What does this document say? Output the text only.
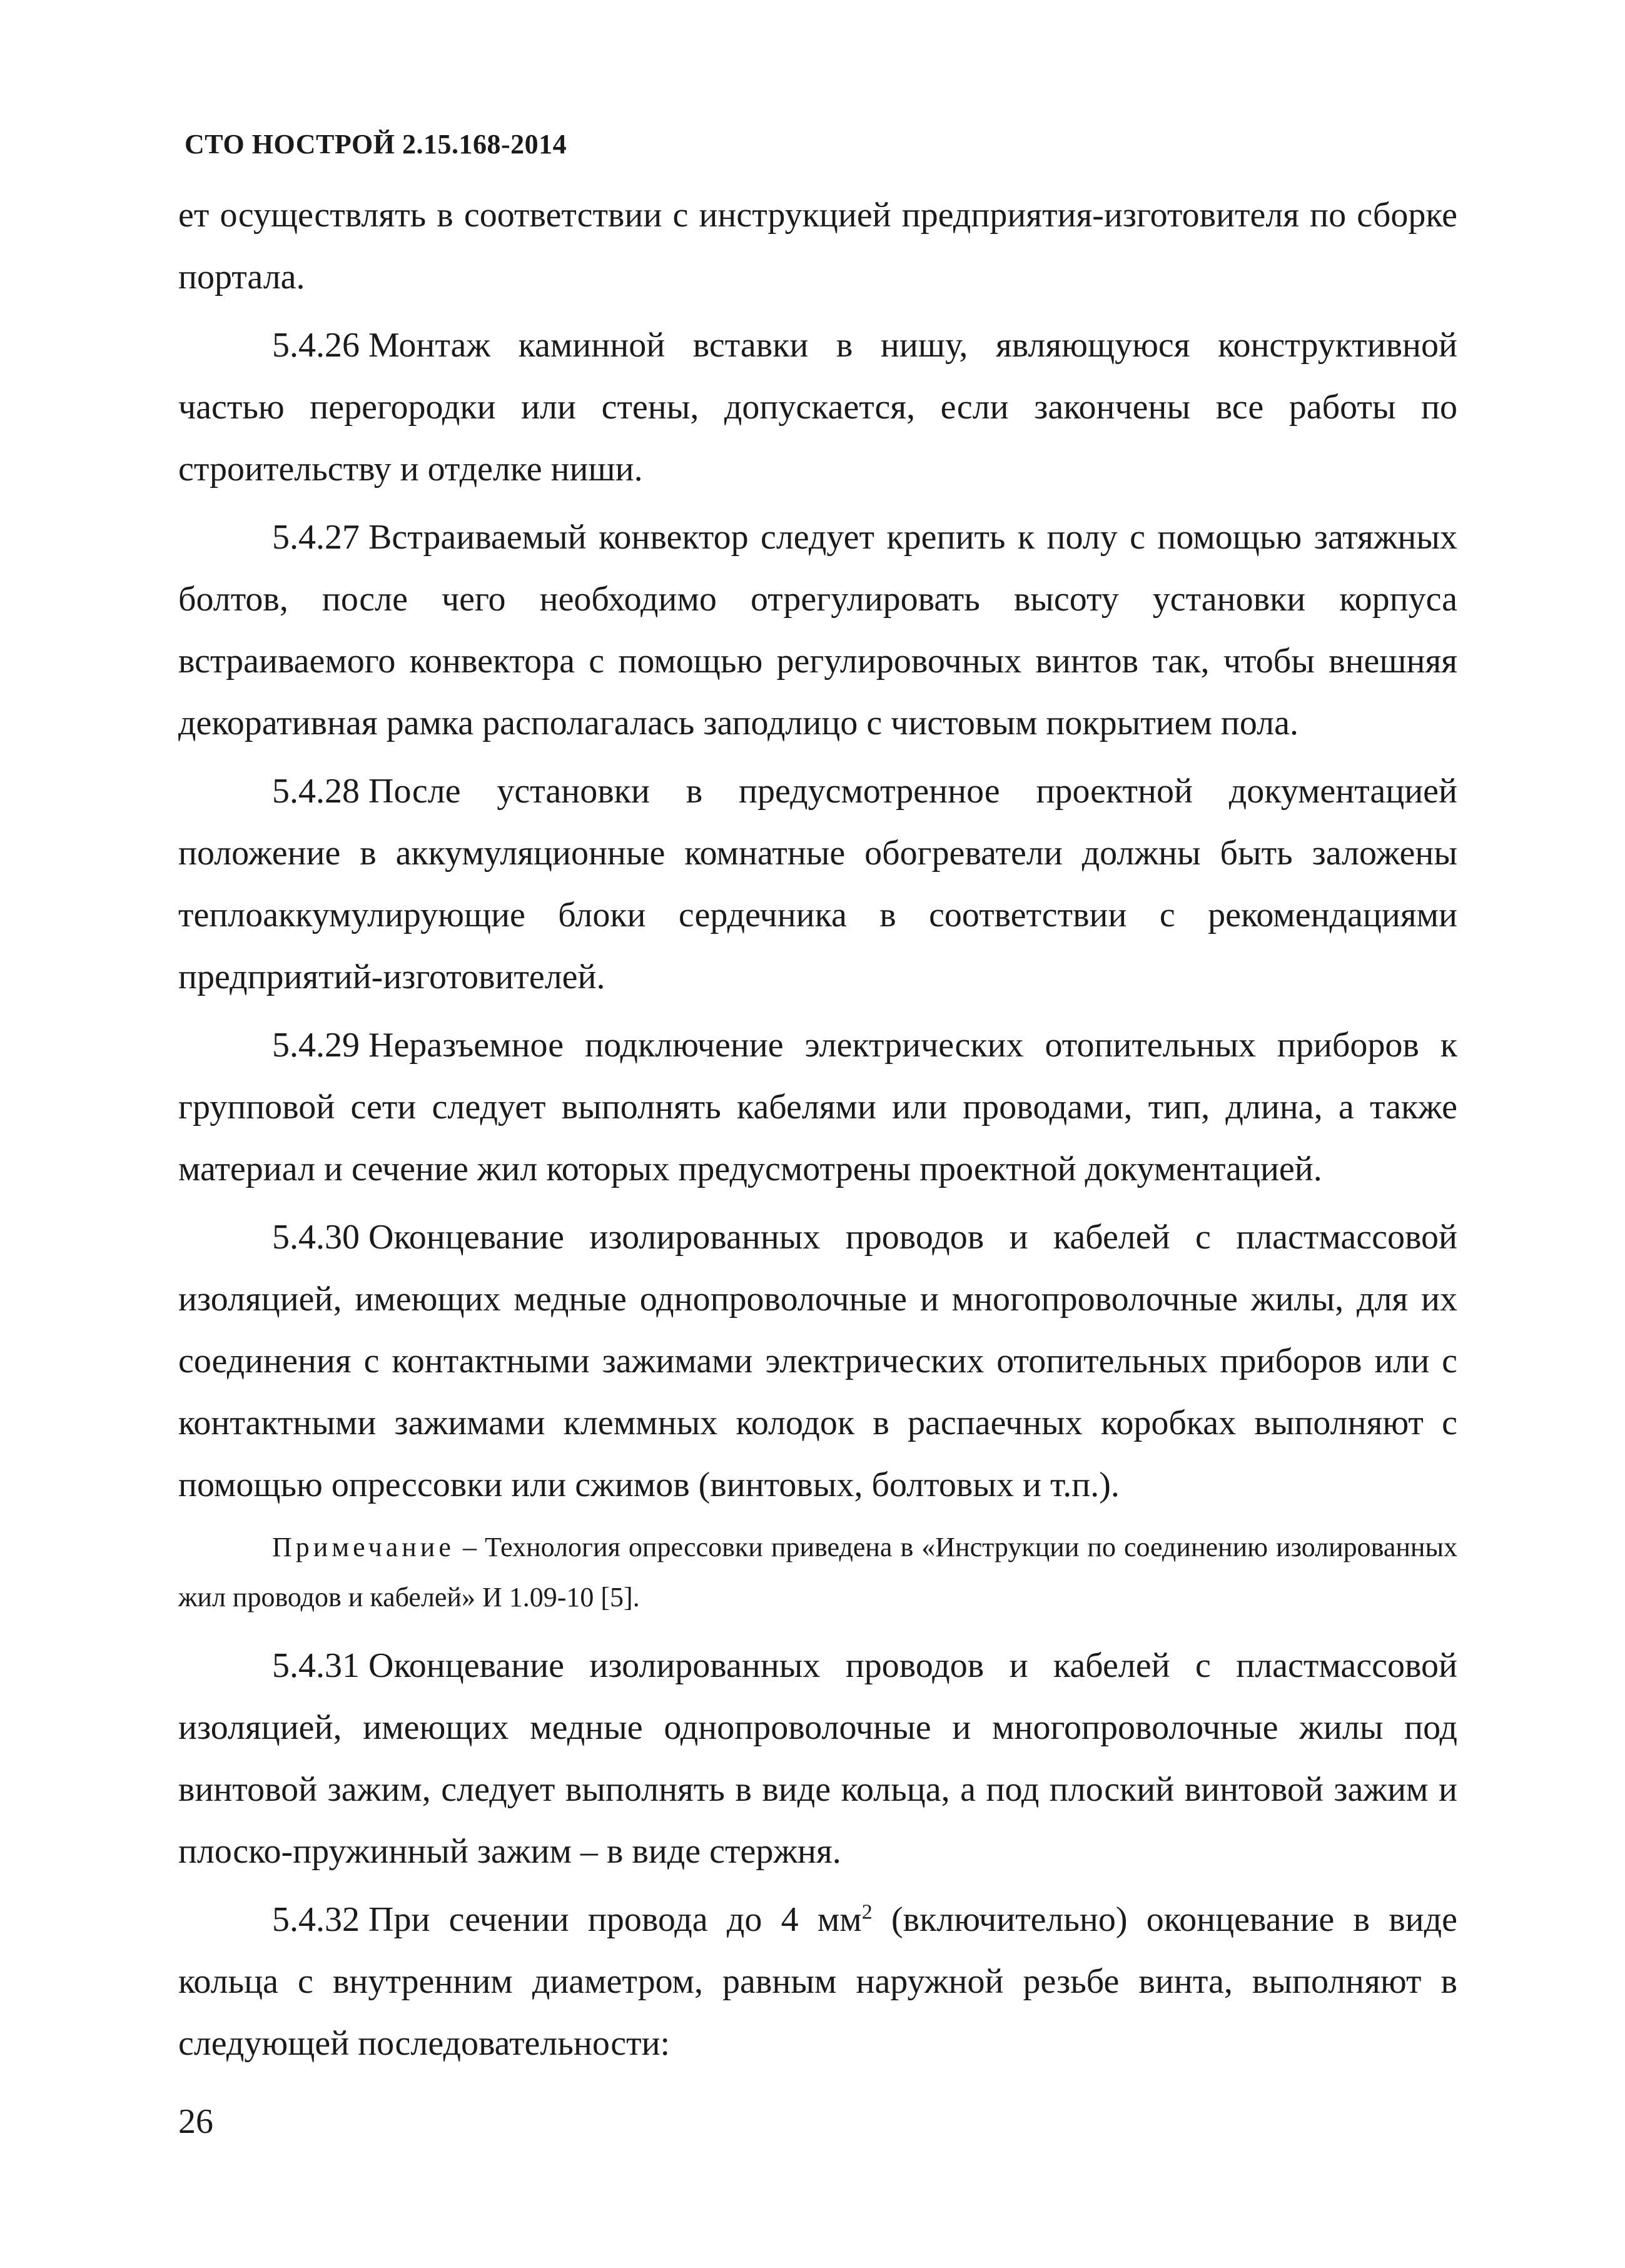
СТО НОСТРОЙ 2.15.168-2014

ет осуществлять в соответствии с инструкцией предприятия-изготовителя по сборке портала.

5.4.26 Монтаж каминной вставки в нишу, являющуюся конструктивной частью перегородки или стены, допускается, если закончены все работы по строительству и отделке ниши.

5.4.27 Встраиваемый конвектор следует крепить к полу с помощью затяжных болтов, после чего необходимо отрегулировать высоту установки корпуса встраиваемого конвектора с помощью регулировочных винтов так, чтобы внешняя декоративная рамка располагалась заподлицо с чистовым покрытием пола.

5.4.28 После установки в предусмотренное проектной документацией положение в аккумуляционные комнатные обогреватели должны быть заложены теплоаккумулирующие блоки сердечника в соответствии с рекомендациями предприятий-изготовителей.

5.4.29 Неразъемное подключение электрических отопительных приборов к групповой сети следует выполнять кабелями или проводами, тип, длина, а также материал и сечение жил которых предусмотрены проектной документацией.

5.4.30 Оконцевание изолированных проводов и кабелей с пластмассовой изоляцией, имеющих медные однопроволочные и многопроволочные жилы, для их соединения с контактными зажимами электрических отопительных приборов или с контактными зажимами клеммных колодок в распаечных коробках выполняют с помощью опрессовки или сжимов (винтовых, болтовых и т.п.).

Примечание – Технология опрессовки приведена в «Инструкции по соединению изолированных жил проводов и кабелей» И 1.09-10 [5].

5.4.31 Оконцевание изолированных проводов и кабелей с пластмассовой изоляцией, имеющих медные однопроволочные и многопроволочные жилы под винтовой зажим, следует выполнять в виде кольца, а под плоский винтовой зажим и плоско-пружинный зажим – в виде стержня.

5.4.32 При сечении провода до 4 $мм^2$ (включительно) оконцевание в виде кольца с внутренним диаметром, равным наружной резьбе винта, выполняют в следующей последовательности:

26
